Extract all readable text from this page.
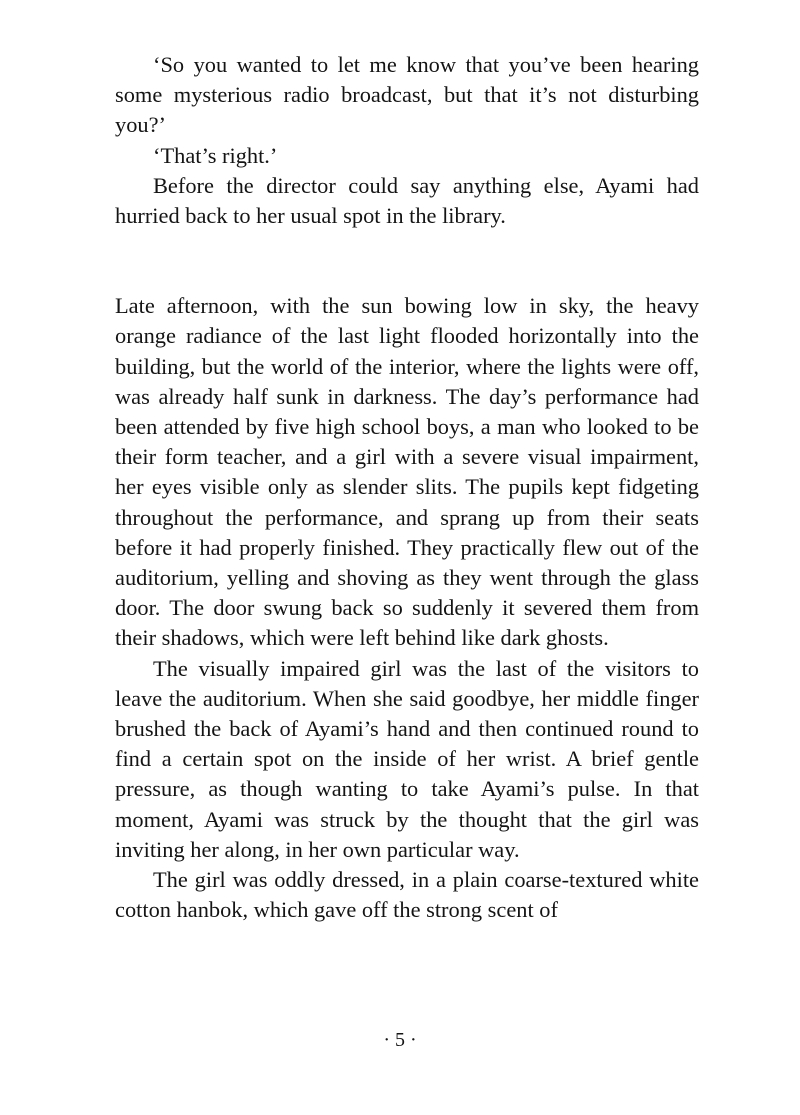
‘So you wanted to let me know that you’ve been hearing some mysterious radio broadcast, but that it’s not disturbing you?’

‘That’s right.’

Before the director could say anything else, Ayami had hurried back to her usual spot in the library.

Late afternoon, with the sun bowing low in sky, the heavy orange radiance of the last light flooded horizontally into the building, but the world of the interior, where the lights were off, was already half sunk in darkness. The day’s performance had been attended by five high school boys, a man who looked to be their form teacher, and a girl with a severe visual impairment, her eyes visible only as slender slits. The pupils kept fidgeting throughout the performance, and sprang up from their seats before it had properly finished. They practically flew out of the auditorium, yelling and shoving as they went through the glass door. The door swung back so suddenly it severed them from their shadows, which were left behind like dark ghosts.

The visually impaired girl was the last of the visitors to leave the auditorium. When she said goodbye, her middle finger brushed the back of Ayami’s hand and then continued round to find a certain spot on the inside of her wrist. A brief gentle pressure, as though wanting to take Ayami’s pulse. In that moment, Ayami was struck by the thought that the girl was inviting her along, in her own particular way.

The girl was oddly dressed, in a plain coarse-textured white cotton hanbok, which gave off the strong scent of

· 5 ·
